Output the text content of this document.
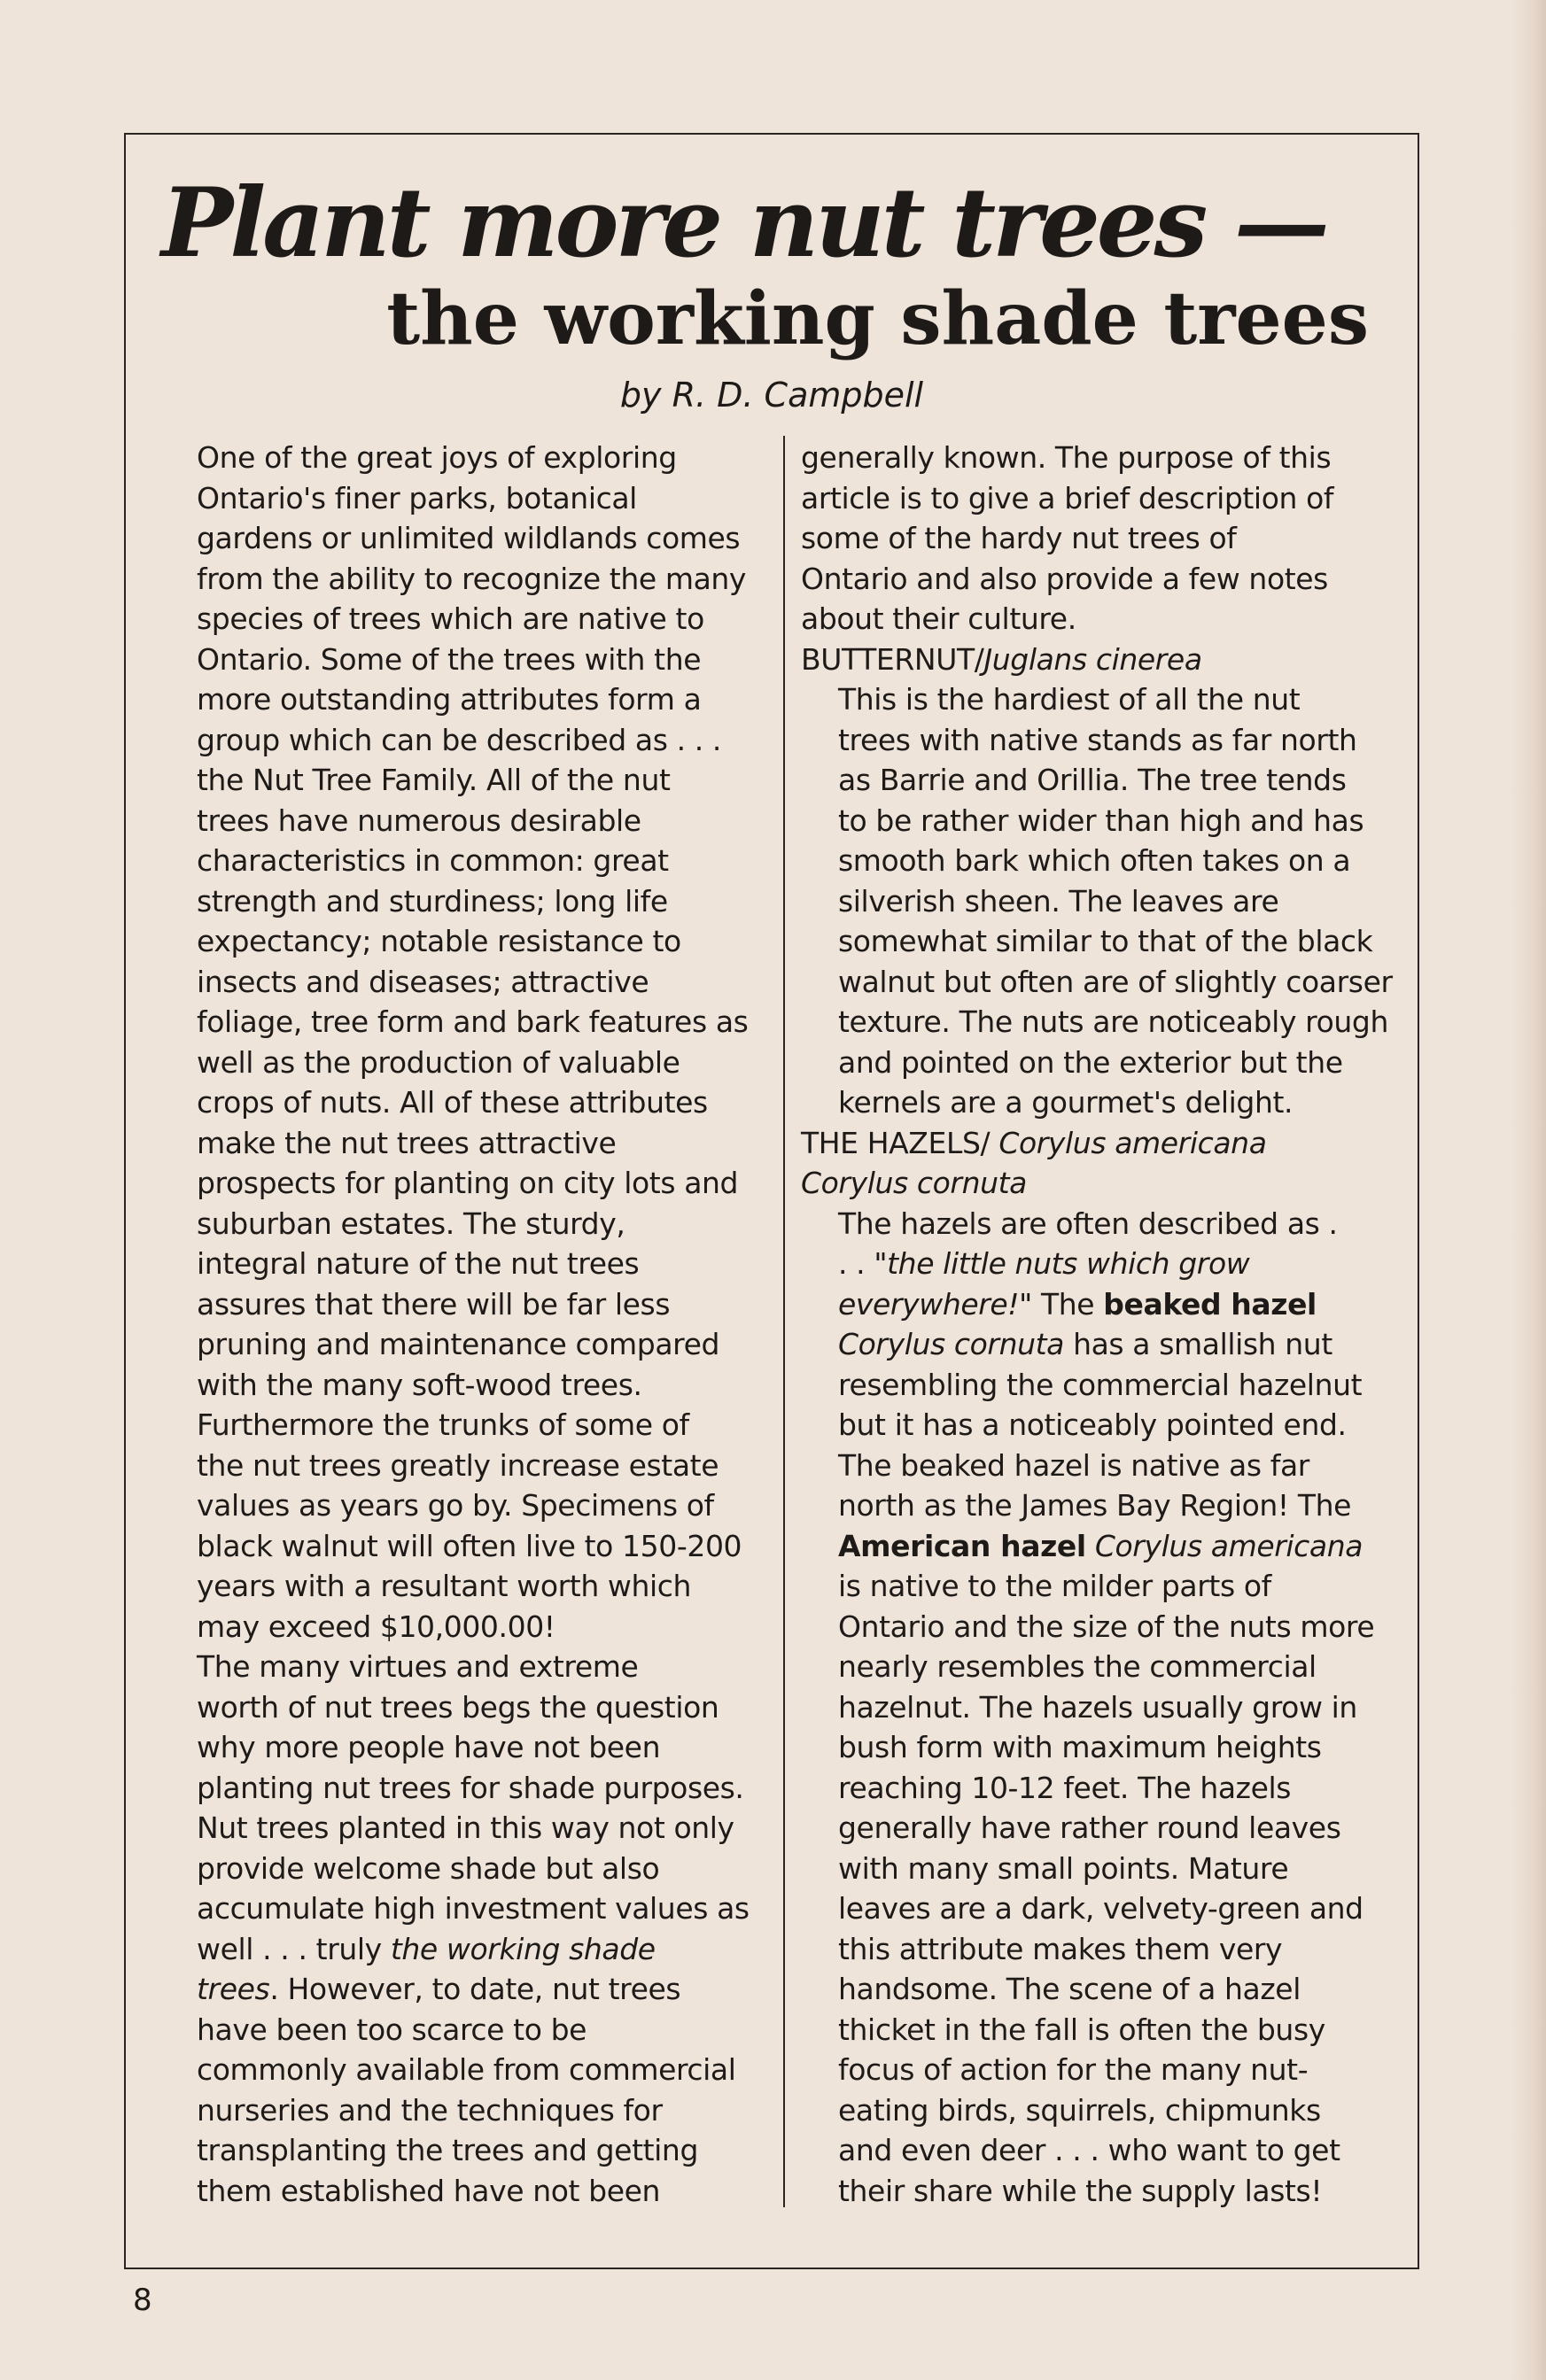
Plant more nut trees —
the working shade trees
by R. D. Campbell

One of the great joys of exploring
Ontario's finer parks, botanical
gardens or unlimited wildlands comes
from the ability to recognize the many
species of trees which are native to
Ontario. Some of the trees with the
more outstanding attributes form a
group which can be described as . . .
the Nut Tree Family. All of the nut
trees have numerous desirable
characteristics in common: great
strength and sturdiness; long life
expectancy; notable resistance to
insects and diseases; attractive
foliage, tree form and bark features as
well as the production of valuable
crops of nuts. All of these attributes
make the nut trees attractive
prospects for planting on city lots and
suburban estates. The sturdy,
integral nature of the nut trees
assures that there will be far less
pruning and maintenance compared
with the many soft-wood trees.
Furthermore the trunks of some of
the nut trees greatly increase estate
values as years go by. Specimens of
black walnut will often live to 150-200
years with a resultant worth which
may exceed $10,000.00!

The many virtues and extreme
worth of nut trees begs the question
why more people have not been
planting nut trees for shade purposes.
Nut trees planted in this way not only
provide welcome shade but also
accumulate high investment values as
well . . . truly the working shade
trees. However, to date, nut trees
have been too scarce to be
commonly available from commercial
nurseries and the techniques for
transplanting the trees and getting
them established have not been

generally known. The purpose of this
article is to give a brief description of
some of the hardy nut trees of
Ontario and also provide a few notes
about their culture.

BUTTERNUT/Juglans cinerea

This is the hardiest of all the nut
trees with native stands as far north
as Barrie and Orillia. The tree tends
to be rather wider than high and has
smooth bark which often takes on a
silverish sheen. The leaves are
somewhat similar to that of the black
walnut but often are of slightly coarser
texture. The nuts are noticeably rough
and pointed on the exterior but the
kernels are a gourmet's delight.

THE HAZELS/ Corylus americana
Corylus cornuta

The hazels are often described as .
. . "the little nuts which grow
everywhere!" The beaked hazel
Corylus cornuta has a smallish nut
resembling the commercial hazelnut
but it has a noticeably pointed end.
The beaked hazel is native as far
north as the James Bay Region! The
American hazel Corylus americana
is native to the milder parts of
Ontario and the size of the nuts more
nearly resembles the commercial
hazelnut. The hazels usually grow in
bush form with maximum heights
reaching 10-12 feet. The hazels
generally have rather round leaves
with many small points. Mature
leaves are a dark, velvety-green and
this attribute makes them very
handsome. The scene of a hazel
thicket in the fall is often the busy
focus of action for the many nut-
eating birds, squirrels, chipmunks
and even deer . . . who want to get
their share while the supply lasts!

8
